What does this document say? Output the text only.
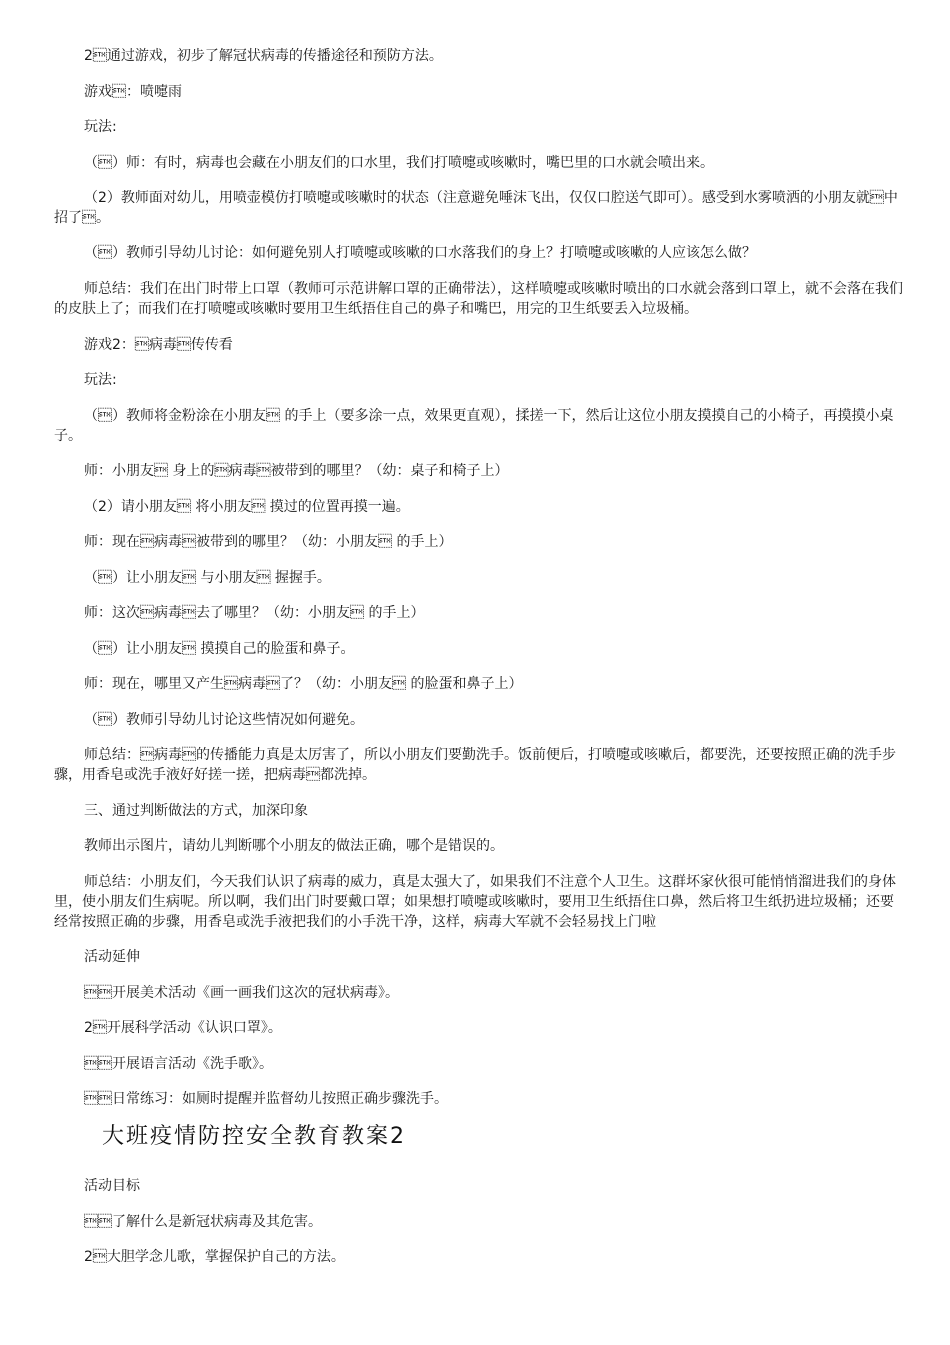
2通过游戏，初步了解冠状病毒的传播途径和预防方法。
游戏：喷嚏雨
玩法:
（）师：有时，病毒也会藏在小朋友们的口水里，我们打喷嚏或咳嗽时，嘴巴里的口水就会喷出来。
（2）教师面对幼儿，用喷壶模仿打喷嚏或咳嗽时的状态（注意避免唾沫飞出，仅仅口腔送气即可）。感受到水雾喷洒的小朋友就中招了。
（）教师引导幼儿讨论：如何避免别人打喷嚏或咳嗽的口水落我们的身上？打喷嚏或咳嗽的人应该怎么做？
师总结：我们在出门时带上口罩（教师可示范讲解口罩的正确带法），这样喷嚏或咳嗽时喷出的口水就会落到口罩上，就不会落在我们的皮肤上了；而我们在打喷嚏或咳嗽时要用卫生纸捂住自己的鼻子和嘴巴，用完的卫生纸要丢入垃圾桶。
游戏2：病毒传传看
玩法:
（）教师将金粉涂在小朋友 的手上（要多涂一点，效果更直观），揉搓一下，然后让这位小朋友摸摸自己的小椅子，再摸摸小桌子。
师：小朋友 身上的病毒被带到的哪里？（幼：桌子和椅子上）
（2）请小朋友 将小朋友 摸过的位置再摸一遍。
师：现在病毒被带到的哪里？（幼：小朋友 的手上）
（）让小朋友 与小朋友 握握手。
师：这次病毒去了哪里？（幼：小朋友 的手上）
（）让小朋友 摸摸自己的脸蛋和鼻子。
师：现在，哪里又产生病毒了？（幼：小朋友 的脸蛋和鼻子上）
（）教师引导幼儿讨论这些情况如何避免。
师总结：病毒的传播能力真是太厉害了，所以小朋友们要勤洗手。饭前便后，打喷嚏或咳嗽后，都要洗，还要按照正确的洗手步骤，用香皂或洗手液好好搓一搓，把病毒都洗掉。
三、通过判断做法的方式，加深印象
教师出示图片，请幼儿判断哪个小朋友的做法正确，哪个是错误的。
师总结：小朋友们，今天我们认识了病毒的威力，真是太强大了，如果我们不注意个人卫生。这群坏家伙很可能悄悄溜进我们的身体里，使小朋友们生病呢。所以啊，我们出门时要戴口罩；如果想打喷嚏或咳嗽时，要用卫生纸捂住口鼻，然后将卫生纸扔进垃圾桶；还要经常按照正确的步骤，用香皂或洗手液把我们的小手洗干净，这样，病毒大军就不会轻易找上门啦
活动延伸
开展美术活动《画一画我们这次的冠状病毒》。
2开展科学活动《认识口罩》。
开展语言活动《洗手歌》。
日常练习：如厕时提醒并监督幼儿按照正确步骤洗手。
大班疫情防控安全教育教案2
活动目标
了解什么是新冠状病毒及其危害。
2大胆学念儿歌，掌握保护自己的方法。
